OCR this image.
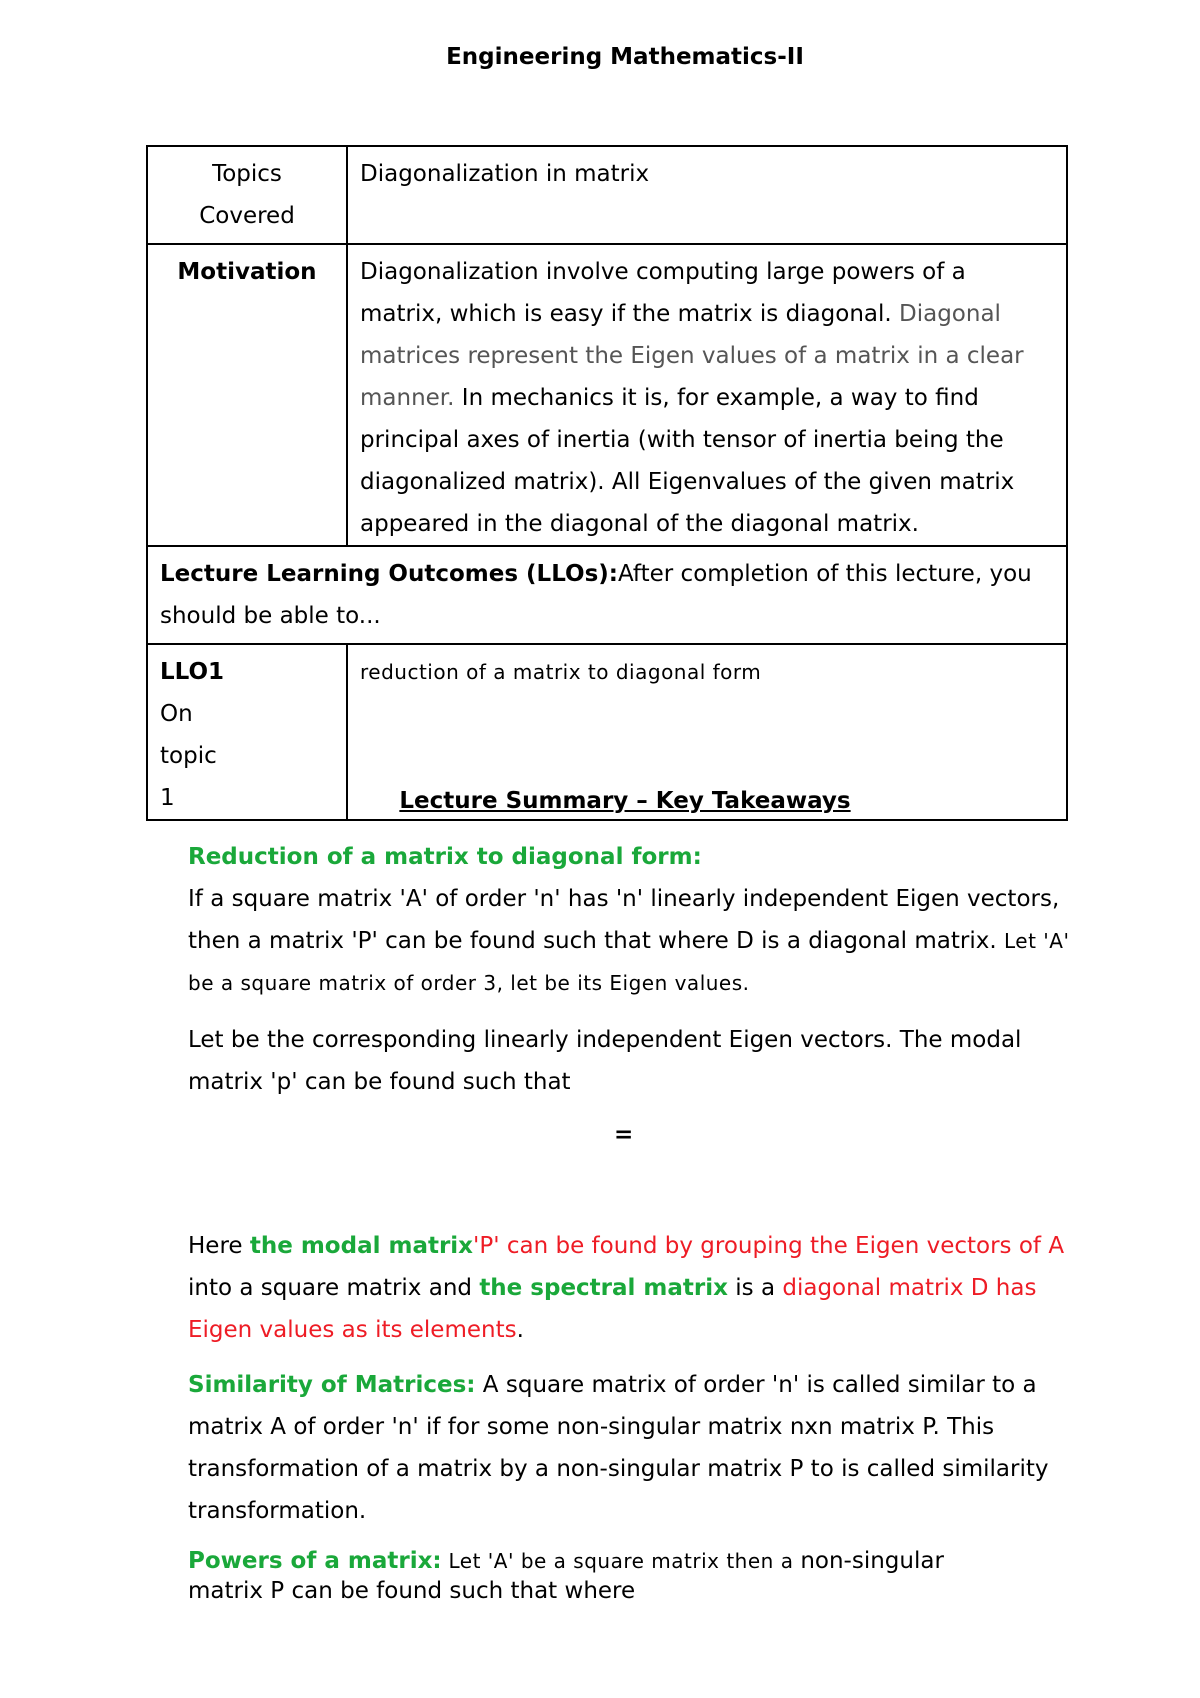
Engineering Mathematics-II
Topics
Covered	Diagonalization in matrix
Motivation	Diagonalization involve computing large powers of a matrix, which is easy if the matrix is diagonal. Diagonal matrices represent the Eigen values of a matrix in a clear manner. In mechanics it is, for example, a way to find principal axes of inertia (with tensor of inertia being the diagonalized matrix). All Eigenvalues of the given matrix appeared in the diagonal of the diagonal matrix.
Lecture Learning Outcomes (LLOs):After completion of this lecture, you should be able to...	
LLO1
On
topic
1	reduction of a matrix to diagonal form
Lecture Summary – Key Takeaways
Reduction of a matrix to diagonal form:
If a square matrix 'A' of order 'n' has 'n' linearly independent Eigen vectors, then a matrix 'P' can be found such that where D is a diagonal matrix. Let 'A' be a square matrix of order 3, let be its Eigen values.
Let be the corresponding linearly independent Eigen vectors. The modal matrix 'p' can be found such that
=
Here the modal matrix'P' can be found by grouping the Eigen vectors of A into a square matrix and the spectral matrix is a diagonal matrix D has Eigen values as its elements.
Similarity of Matrices: A square matrix of order 'n' is called similar to a matrix A of order 'n' if for some non-singular matrix nxn matrix P. This transformation of a matrix by a non-singular matrix P to is called similarity transformation.
Powers of a matrix: Let 'A' be a square matrix then a non-singular
matrix P can be found such that where
